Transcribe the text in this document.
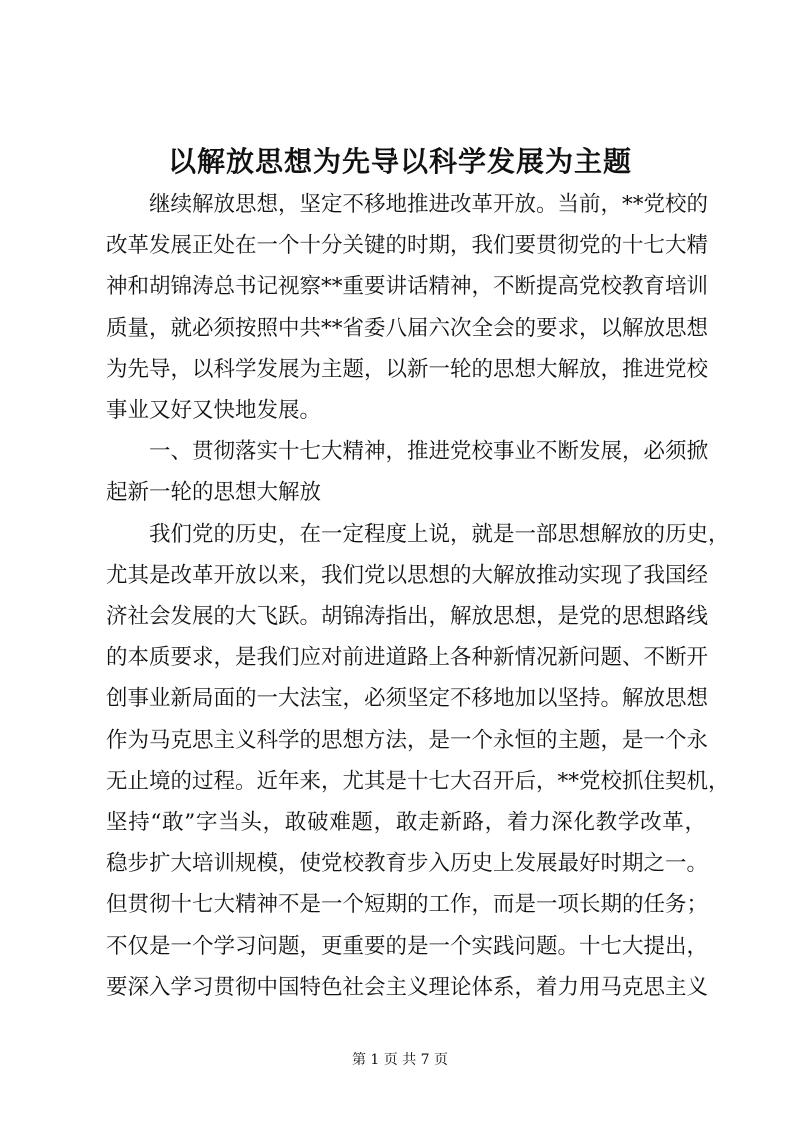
以解放思想为先导以科学发展为主题
继续解放思想，坚定不移地推进改革开放。当前，**党校的
改革发展正处在一个十分关键的时期，我们要贯彻党的十七大精
神和胡锦涛总书记视察**重要讲话精神，不断提高党校教育培训
质量，就必须按照中共**省委八届六次全会的要求，以解放思想
为先导，以科学发展为主题，以新一轮的思想大解放，推进党校
事业又好又快地发展。
一、贯彻落实十七大精神，推进党校事业不断发展，必须掀
起新一轮的思想大解放
我们党的历史，在一定程度上说，就是一部思想解放的历史，
尤其是改革开放以来，我们党以思想的大解放推动实现了我国经
济社会发展的大飞跃。胡锦涛指出，解放思想，是党的思想路线
的本质要求，是我们应对前进道路上各种新情况新问题、不断开
创事业新局面的一大法宝，必须坚定不移地加以坚持。解放思想
作为马克思主义科学的思想方法，是一个永恒的主题，是一个永
无止境的过程。近年来，尤其是十七大召开后，**党校抓住契机，
坚持“敢”字当头，敢破难题，敢走新路，着力深化教学改革，
稳步扩大培训规模，使党校教育步入历史上发展最好时期之一。
但贯彻十七大精神不是一个短期的工作，而是一项长期的任务；
不仅是一个学习问题，更重要的是一个实践问题。十七大提出，
要深入学习贯彻中国特色社会主义理论体系，着力用马克思主义
第 1 页 共 7 页
